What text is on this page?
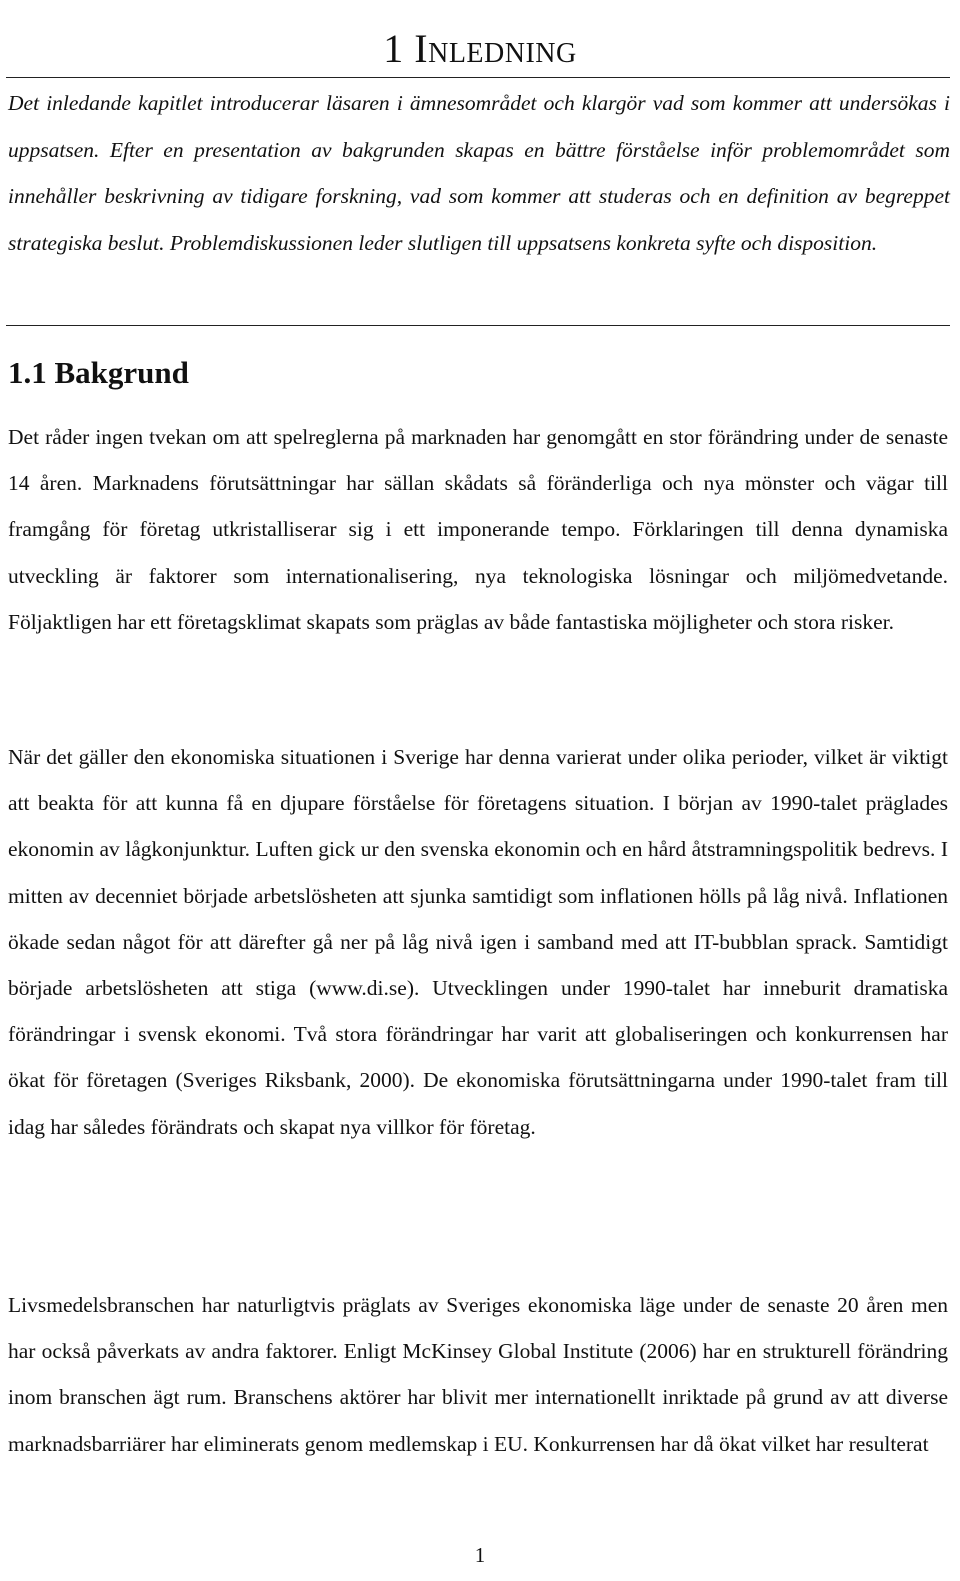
1 Inledning

Det inledande kapitlet introducerar läsaren i ämnesområdet och klargör vad som kommer att undersökas i uppsatsen. Efter en presentation av bakgrunden skapas en bättre förståelse inför problemområdet som innehåller beskrivning av tidigare forskning, vad som kommer att studeras och en definition av begreppet strategiska beslut. Problemdiskussionen leder slutligen till uppsatsens konkreta syfte och disposition.

1.1 Bakgrund

Det råder ingen tvekan om att spelreglerna på marknaden har genomgått en stor förändring under de senaste 14 åren. Marknadens förutsättningar har sällan skådats så föränderliga och nya mönster och vägar till framgång för företag utkristalliserar sig i ett imponerande tempo. Förklaringen till denna dynamiska utveckling är faktorer som internationalisering, nya teknologiska lösningar och miljömedvetande. Följaktligen har ett företagsklimat skapats som präglas av både fantastiska möjligheter och stora risker.

När det gäller den ekonomiska situationen i Sverige har denna varierat under olika perioder, vilket är viktigt att beakta för att kunna få en djupare förståelse för företagens situation. I början av 1990-talet präglades ekonomin av lågkonjunktur. Luften gick ur den svenska ekonomin och en hård åtstramningspolitik bedrevs. I mitten av decenniet började arbetslösheten att sjunka samtidigt som inflationen hölls på låg nivå. Inflationen ökade sedan något för att därefter gå ner på låg nivå igen i samband med att IT-bubblan sprack. Samtidigt började arbetslösheten att stiga (www.di.se). Utvecklingen under 1990-talet har inneburit dramatiska förändringar i svensk ekonomi. Två stora förändringar har varit att globaliseringen och konkurrensen har ökat för företagen (Sveriges Riksbank, 2000). De ekonomiska förutsättningarna under 1990-talet fram till idag har således förändrats och skapat nya villkor för företag.

Livsmedelsbranschen har naturligtvis präglats av Sveriges ekonomiska läge under de senaste 20 åren men har också påverkats av andra faktorer. Enligt McKinsey Global Institute (2006) har en strukturell förändring inom branschen ägt rum. Branschens aktörer har blivit mer internationellt inriktade på grund av att diverse marknadsbarriärer har eliminerats genom medlemskap i EU. Konkurrensen har då ökat vilket har resulterat

1
